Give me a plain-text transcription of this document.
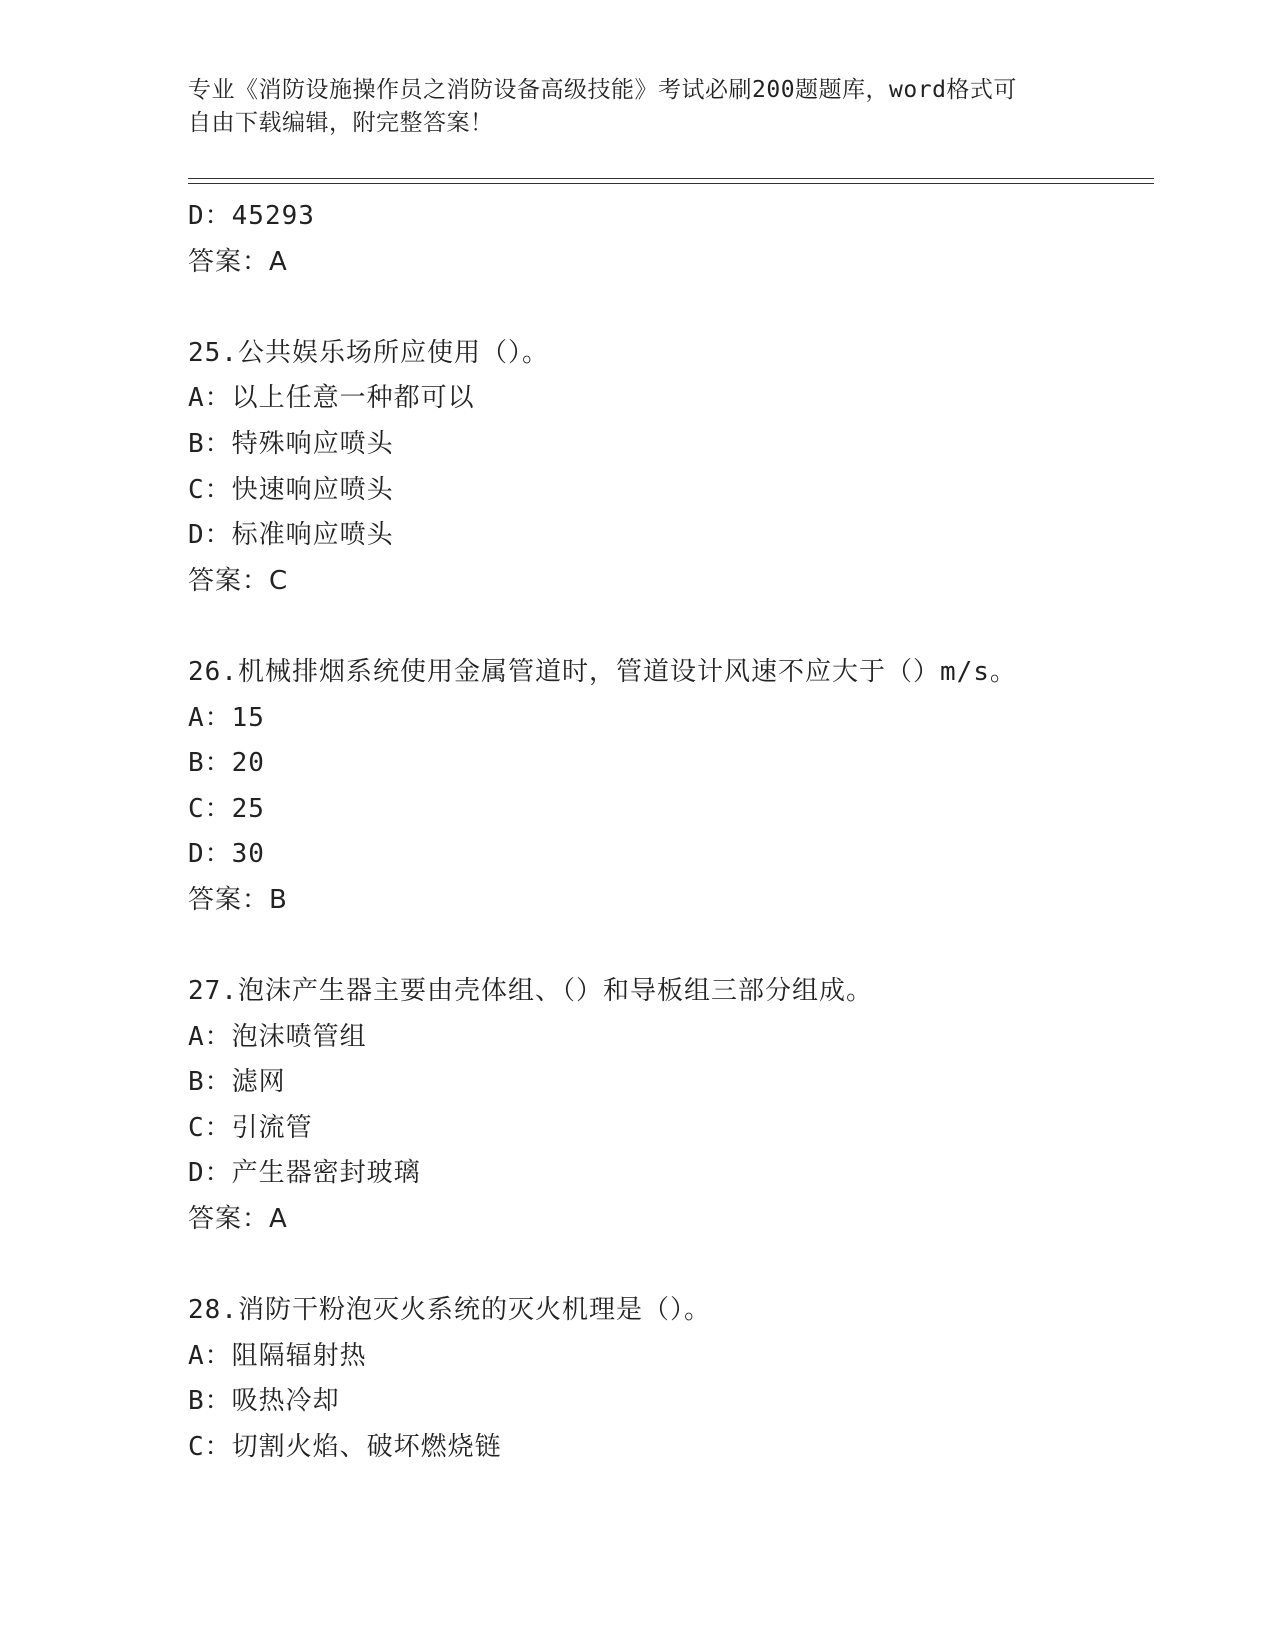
专业《消防设施操作员之消防设备高级技能》考试必刷200题题库，word格式可
自由下载编辑，附完整答案！
D：45293
答案：A
25.公共娱乐场所应使用（）。
A：以上任意一种都可以
B：特殊响应喷头
C：快速响应喷头
D：标准响应喷头
答案：C
26.机械排烟系统使用金属管道时，管道设计风速不应大于（）m/s。
A：15
B：20
C：25
D：30
答案：B
27.泡沫产生器主要由壳体组、（）和导板组三部分组成。
A：泡沫喷管组
B：滤网
C：引流管
D：产生器密封玻璃
答案：A
28.消防干粉泡灭火系统的灭火机理是（）。
A：阻隔辐射热
B：吸热冷却
C：切割火焰、破坏燃烧链
